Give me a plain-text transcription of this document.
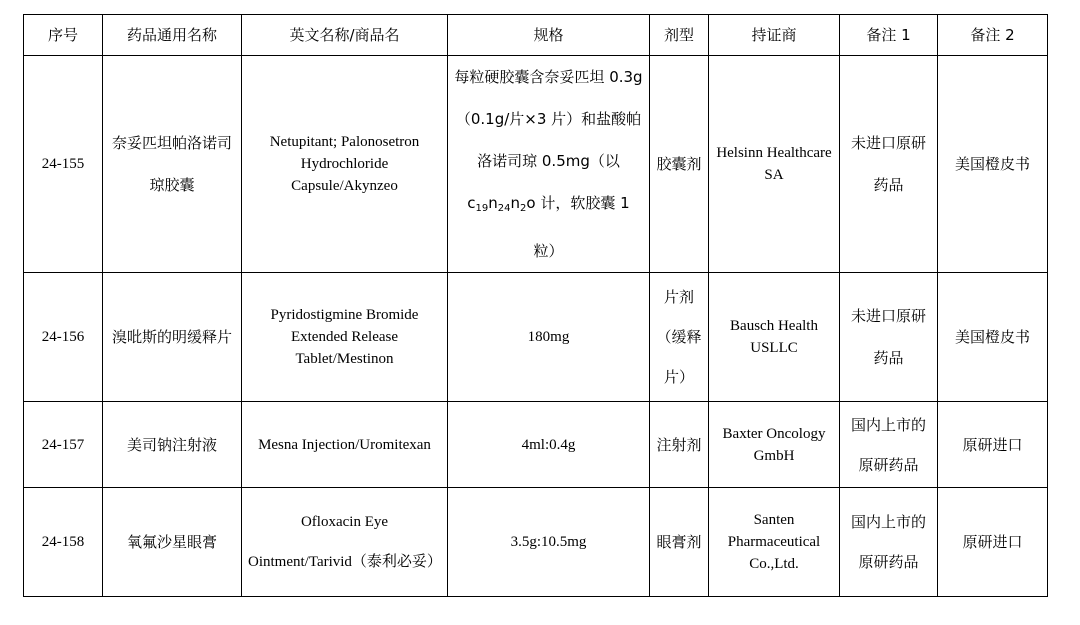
序号	药品通用名称	英文名称/商品名	规格	剂型	持证商	备注 1	备注 2
24-155	奈妥匹坦帕洛诺司琼胶囊	Netupitant; Palonosetron Hydrochloride Capsule/Akynzeo	每粒硬胶囊含奈妥匹坦 0.3g（0.1g/片×3 片）和盐酸帕洛诺司琼 0.5mg（以 $c_{19}n_{24}n_2o$ 计，软胶囊 1 粒）	胶囊剂	Helsinn Healthcare SA	未进口原研药品	美国橙皮书
24-156	溴吡斯的明缓释片	Pyridostigmine Bromide Extended Release Tablet/Mestinon	180mg	片剂（缓释片）	Bausch Health USLLC	未进口原研药品	美国橙皮书
24-157	美司钠注射液	Mesna Injection/Uromitexan	4ml:0.4g	注射剂	Baxter Oncology GmbH	国内上市的原研药品	原研进口
24-158	氧氟沙星眼膏	Ofloxacin Eye Ointment/Tarivid（泰利必妥）	3.5g:10.5mg	眼膏剂	Santen Pharmaceutical Co.,Ltd.	国内上市的原研药品	原研进口
